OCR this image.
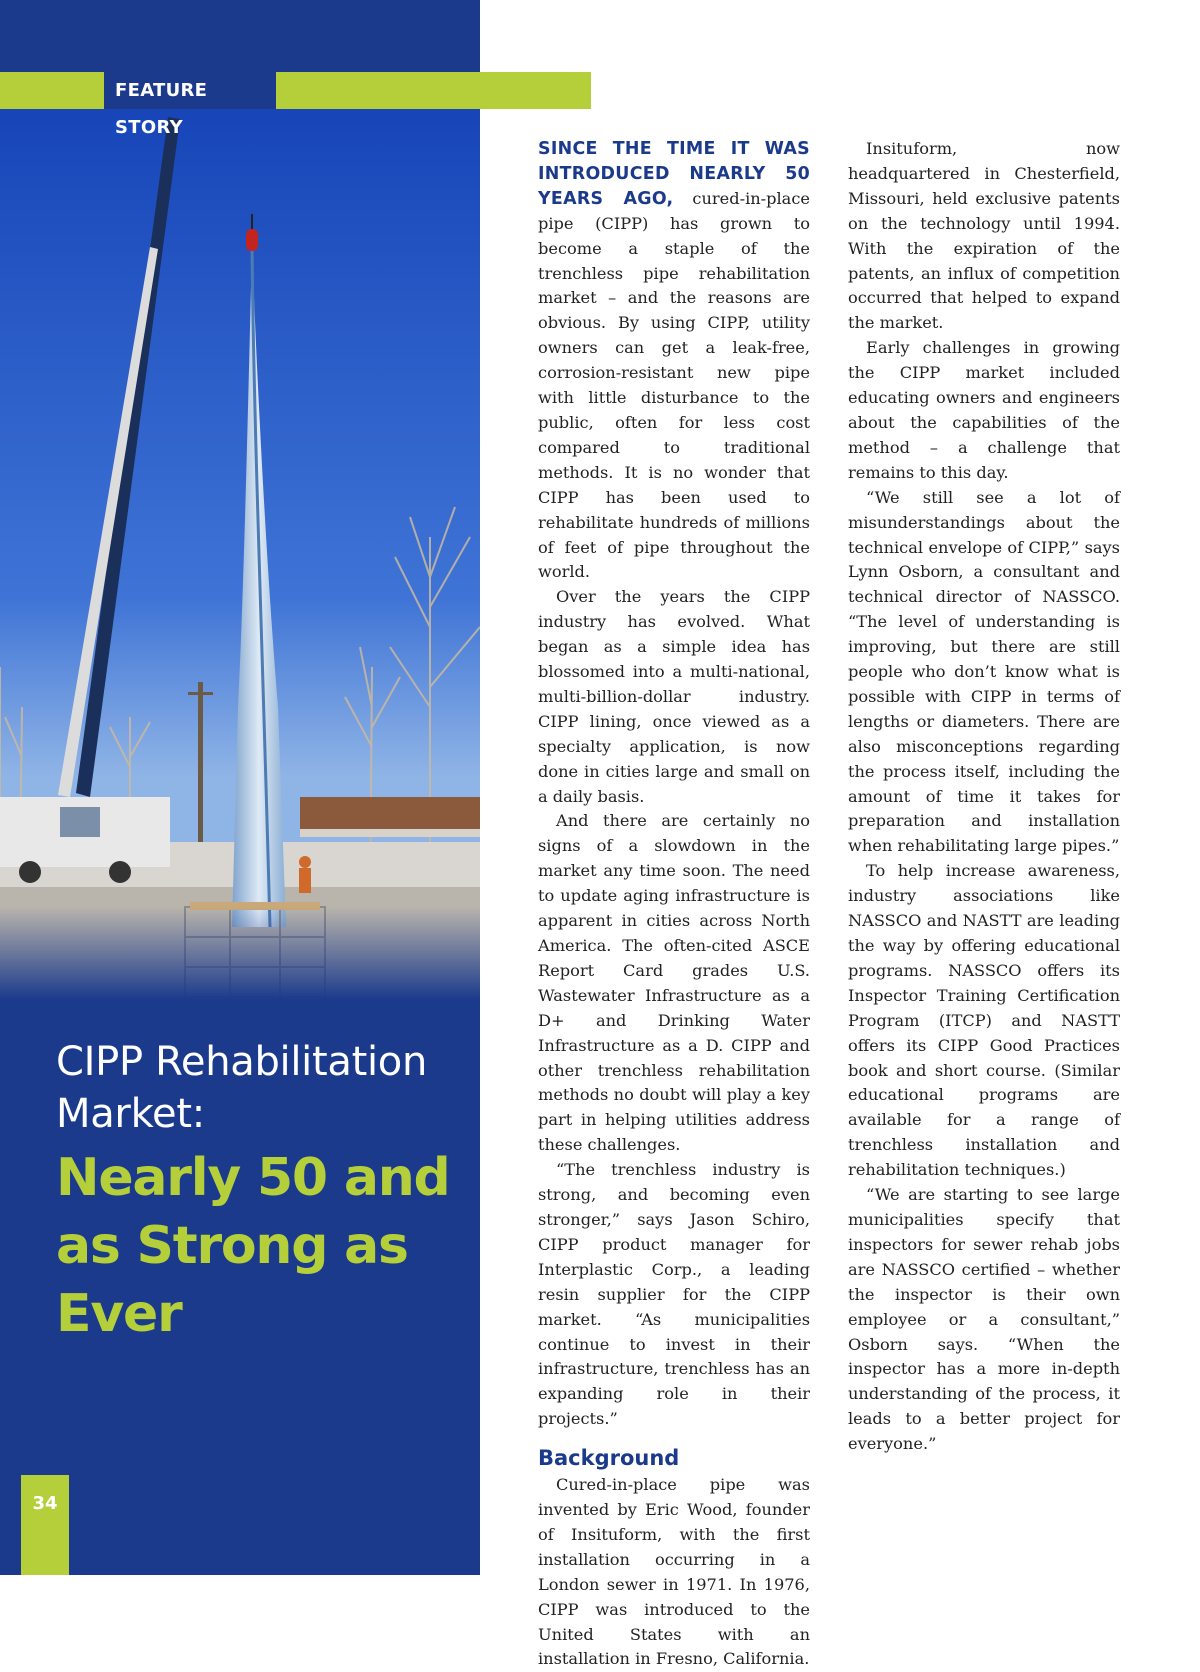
FEATURE STORY
CIPP Rehabilitation Market:
Nearly 50 and as Strong as Ever
BY JIM RUSH
34

SINCE THE TIME IT WAS INTRODUCED NEARLY 50 YEARS AGO, cured-in-place pipe (CIPP) has grown to become a staple of the trenchless pipe rehabilitation market – and the reasons are obvious. By using CIPP, utility owners can get a leak-free, corrosion-resistant new pipe with little disturbance to the public, often for less cost compared to traditional methods. It is no wonder that CIPP has been used to rehabilitate hundreds of millions of feet of pipe throughout the world.

Over the years the CIPP industry has evolved. What began as a simple idea has blossomed into a multi-national, multi-billion-dollar industry. CIPP lining, once viewed as a specialty application, is now done in cities large and small on a daily basis.

And there are certainly no signs of a slowdown in the market any time soon. The need to update aging infrastructure is apparent in cities across North America. The often-cited ASCE Report Card grades U.S. Wastewater Infrastructure as a D+ and Drinking Water Infrastructure as a D. CIPP and other trenchless rehabilitation methods no doubt will play a key part in helping utilities address these challenges.

“The trenchless industry is strong, and becoming even stronger,” says Jason Schiro, CIPP product manager for Interplastic Corp., a leading resin supplier for the CIPP market. “As municipalities continue to invest in their infrastructure, trenchless has an expanding role in their projects.”

Background

Cured-in-place pipe was invented by Eric Wood, founder of Insituform, with the first installation occurring in a London sewer in 1971. In 1976, CIPP was introduced to the United States with an installation in Fresno, California.

Insituform, now headquartered in Chesterfield, Missouri, held exclusive patents on the technology until 1994. With the expiration of the patents, an influx of competition occurred that helped to expand the market.

Early challenges in growing the CIPP market included educating owners and engineers about the capabilities of the method – a challenge that remains to this day.

“We still see a lot of misunderstandings about the technical envelope of CIPP,” says Lynn Osborn, a consultant and technical director of NASSCO. “The level of understanding is improving, but there are still people who don’t know what is possible with CIPP in terms of lengths or diameters. There are also misconceptions regarding the process itself, including the amount of time it takes for preparation and installation when rehabilitating large pipes.”

To help increase awareness, industry associations like NASSCO and NASTT are leading the way by offering educational programs. NASSCO offers its Inspector Training Certification Program (ITCP) and NASTT offers its CIPP Good Practices book and short course. (Similar educational programs are available for a range of trenchless installation and rehabilitation techniques.)

“We are starting to see large municipalities specify that inspectors for sewer rehab jobs are NASSCO certified – whether the inspector is their own employee or a consultant,” Osborn says. “When the inspector has a more in-depth understanding of the process, it leads to a better project for everyone.”
